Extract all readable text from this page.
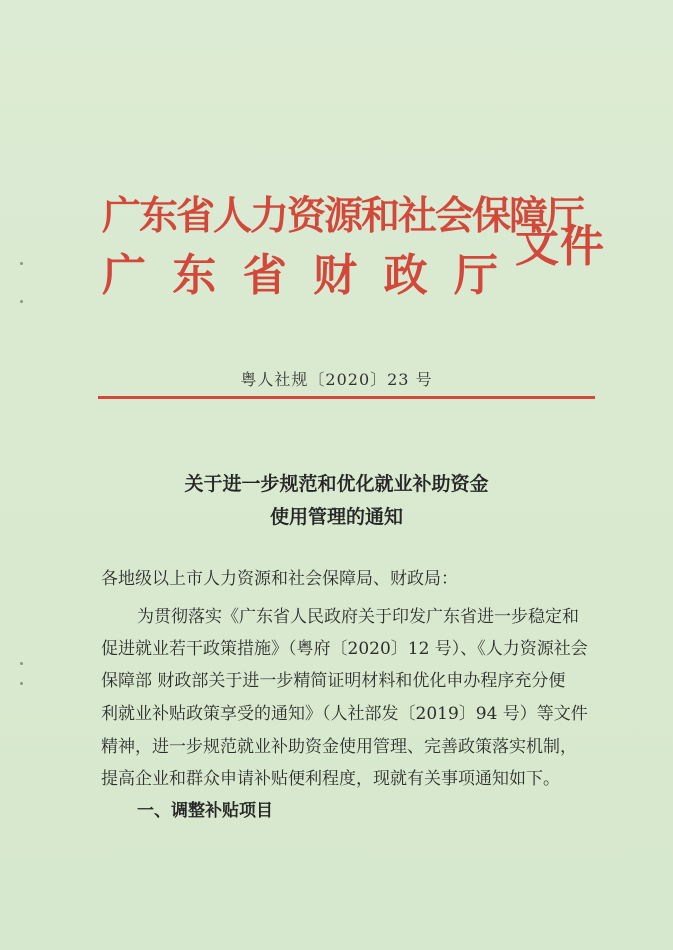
广东省人力资源和社会保障厅
广 东 省 财 政 厅
文件
粤人社规〔2020〕23 号
关于进一步规范和优化就业补助资金
使用管理的通知
各地级以上市人力资源和社会保障局、财政局：
为贯彻落实《广东省人民政府关于印发广东省进一步稳定和
促进就业若干政策措施》（粤府〔2020〕12 号）、《人力资源社会
保障部 财政部关于进一步精简证明材料和优化申办程序充分便
利就业补贴政策享受的通知》（人社部发〔2019〕94 号）等文件
精神，进一步规范就业补助资金使用管理、完善政策落实机制，
提高企业和群众申请补贴便利程度，现就有关事项通知如下。
一、调整补贴项目
